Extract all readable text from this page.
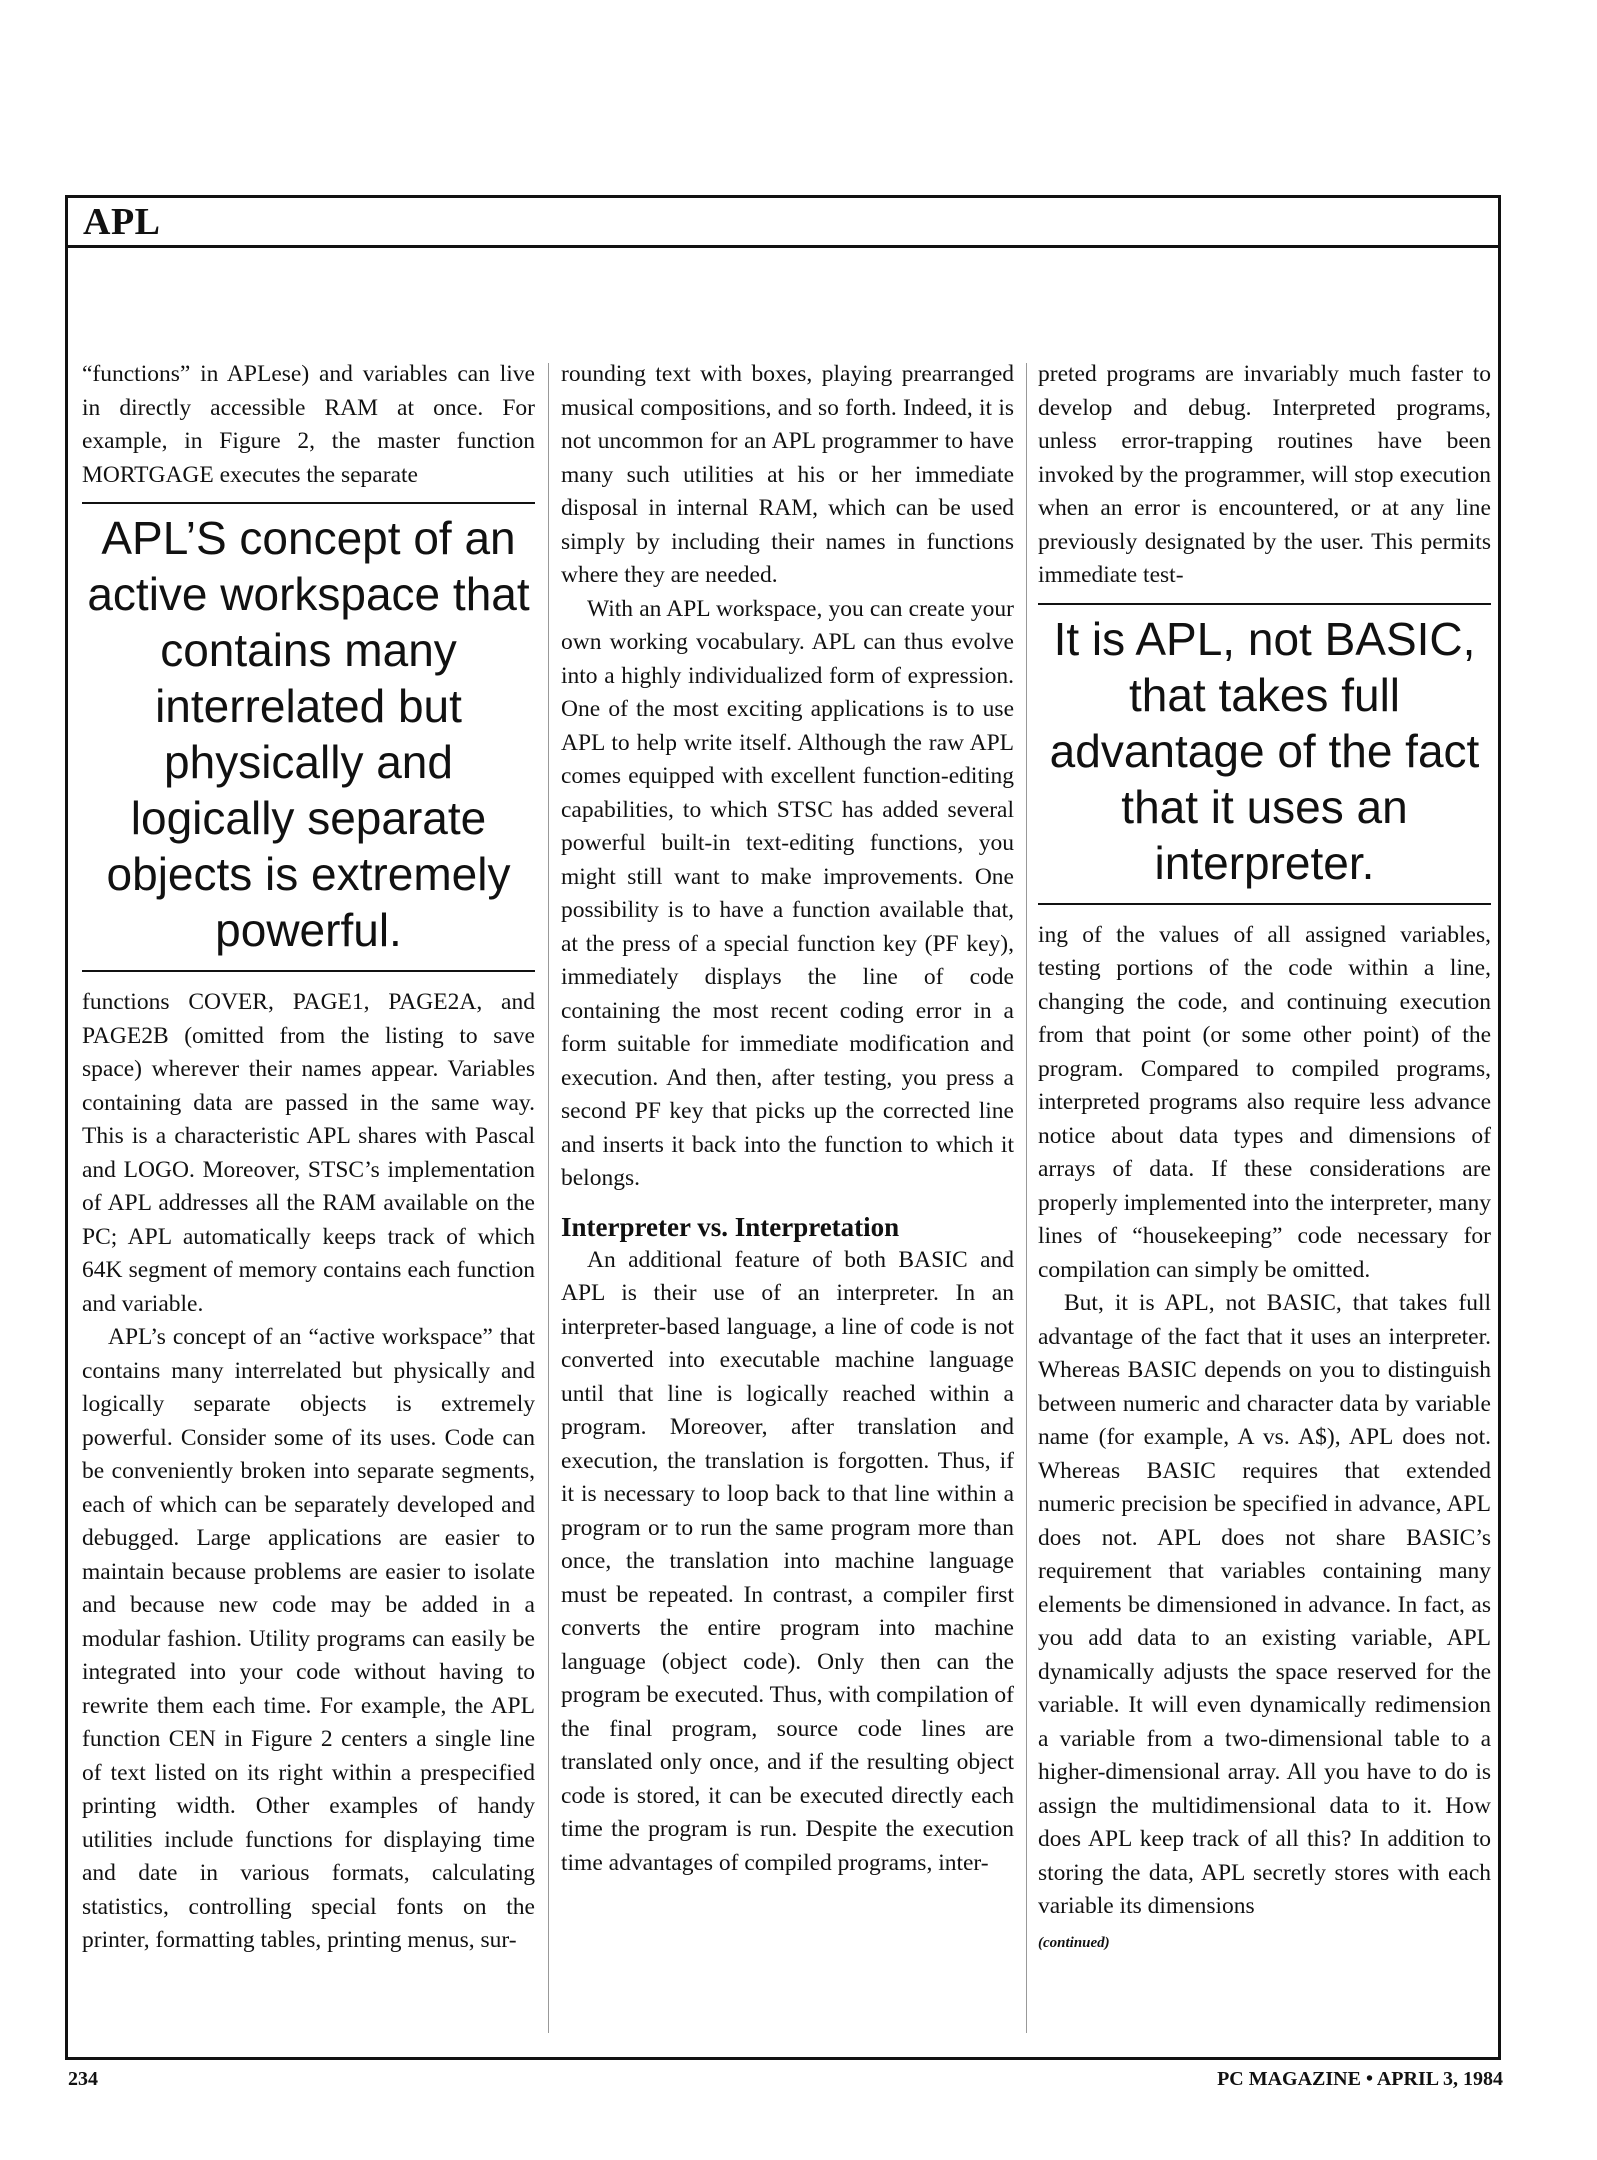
APL

“functions” in APLese) and variables can live in directly accessible RAM at once. For example, in Figure 2, the master function MORTGAGE executes the separate

APL’S concept of an active workspace that contains many interrelated but physically and logically separate objects is extremely powerful.

functions COVER, PAGE1, PAGE2A, and PAGE2B (omitted from the listing to save space) wherever their names appear. Variables containing data are passed in the same way. This is a characteristic APL shares with Pascal and LOGO. Moreover, STSC’s implementation of APL addresses all the RAM available on the PC; APL automatically keeps track of which 64K segment of memory contains each function and variable.

APL’s concept of an “active workspace” that contains many interrelated but physically and logically separate objects is extremely powerful. Consider some of its uses. Code can be conveniently broken into separate segments, each of which can be separately developed and debugged. Large applications are easier to maintain because problems are easier to isolate and because new code may be added in a modular fashion. Utility programs can easily be integrated into your code without having to rewrite them each time. For example, the APL function CEN in Figure 2 centers a single line of text listed on its right within a prespecified printing width. Other examples of handy utilities include functions for displaying time and date in various formats, calculating statistics, controlling special fonts on the printer, formatting tables, printing menus, sur-

rounding text with boxes, playing prearranged musical compositions, and so forth. Indeed, it is not uncommon for an APL programmer to have many such utilities at his or her immediate disposal in internal RAM, which can be used simply by including their names in functions where they are needed.

With an APL workspace, you can create your own working vocabulary. APL can thus evolve into a highly individualized form of expression. One of the most exciting applications is to use APL to help write itself. Although the raw APL comes equipped with excellent function-editing capabilities, to which STSC has added several powerful built-in text-editing functions, you might still want to make improvements. One possibility is to have a function available that, at the press of a special function key (PF key), immediately displays the line of code containing the most recent coding error in a form suitable for immediate modification and execution. And then, after testing, you press a second PF key that picks up the corrected line and inserts it back into the function to which it belongs.

Interpreter vs. Interpretation

An additional feature of both BASIC and APL is their use of an interpreter. In an interpreter-based language, a line of code is not converted into executable machine language until that line is logically reached within a program. Moreover, after translation and execution, the translation is forgotten. Thus, if it is necessary to loop back to that line within a program or to run the same program more than once, the translation into machine language must be repeated. In contrast, a compiler first converts the entire program into machine language (object code). Only then can the program be executed. Thus, with compilation of the final program, source code lines are translated only once, and if the resulting object code is stored, it can be executed directly each time the program is run. Despite the execution time advantages of compiled programs, inter-

preted programs are invariably much faster to develop and debug. Interpreted programs, unless error-trapping routines have been invoked by the programmer, will stop execution when an error is encountered, or at any line previously designated by the user. This permits immediate test-

It is APL, not BASIC, that takes full advantage of the fact that it uses an interpreter.

ing of the values of all assigned variables, testing portions of the code within a line, changing the code, and continuing execution from that point (or some other point) of the program. Compared to compiled programs, interpreted programs also require less advance notice about data types and dimensions of arrays of data. If these considerations are properly implemented into the interpreter, many lines of “housekeeping” code necessary for compilation can simply be omitted.

But, it is APL, not BASIC, that takes full advantage of the fact that it uses an interpreter. Whereas BASIC depends on you to distinguish between numeric and character data by variable name (for example, A vs. A$), APL does not. Whereas BASIC requires that extended numeric precision be specified in advance, APL does not. APL does not share BASIC’s requirement that variables containing many elements be dimensioned in advance. In fact, as you add data to an existing variable, APL dynamically adjusts the space reserved for the variable. It will even dynamically redimension a variable from a two-dimensional table to a higher-dimensional array. All you have to do is assign the multidimensional data to it. How does APL keep track of all this? In addition to storing the data, APL secretly stores with each variable its dimensions

(continued)

234	PC MAGAZINE • APRIL 3, 1984
